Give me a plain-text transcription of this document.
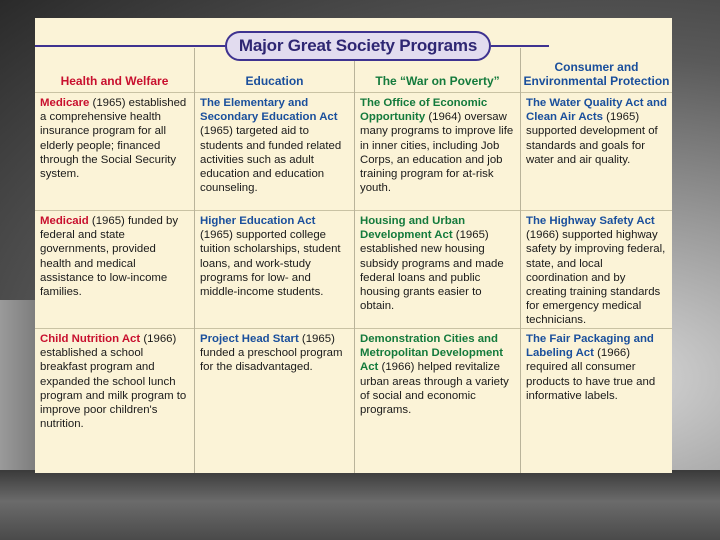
Health and Welfare
Medicare (1965) established a comprehensive health insurance program for all elderly people; financed through the Social Security system.
Medicaid (1965) funded by federal and state governments, provided health and medical assistance to low-income families.
Child Nutrition Act (1966) established a school breakfast program and expanded the school lunch program and milk program to improve poor children's nutrition.
Education
The Elementary and Secondary Education Act (1965) targeted aid to students and funded related activities such as adult education and education counseling.
Higher Education Act (1965) supported college tuition scholarships, student loans, and work-study programs for low- and middle-income students.
Project Head Start (1965) funded a preschool program for the disadvantaged.
The “War on Poverty”
The Office of Economic Opportunity (1964) oversaw many programs to improve life in inner cities, including Job Corps, an education and job training program for at-risk youth.
Housing and Urban Development Act (1965) established new housing subsidy programs and made federal loans and public housing grants easier to obtain.
Demonstration Cities and Metropolitan Development Act (1966) helped revitalize urban areas through a variety of social and economic programs.
Consumer and Environmental Protection
The Water Quality Act and Clean Air Acts (1965) supported development of standards and goals for water and air quality.
The Highway Safety Act (1966) supported highway safety by improving federal, state, and local coordination and by creating training standards for emergency medical technicians.
The Fair Packaging and Labeling Act (1966) required all consumer products to have true and informative labels.
Major Great Society Programs
